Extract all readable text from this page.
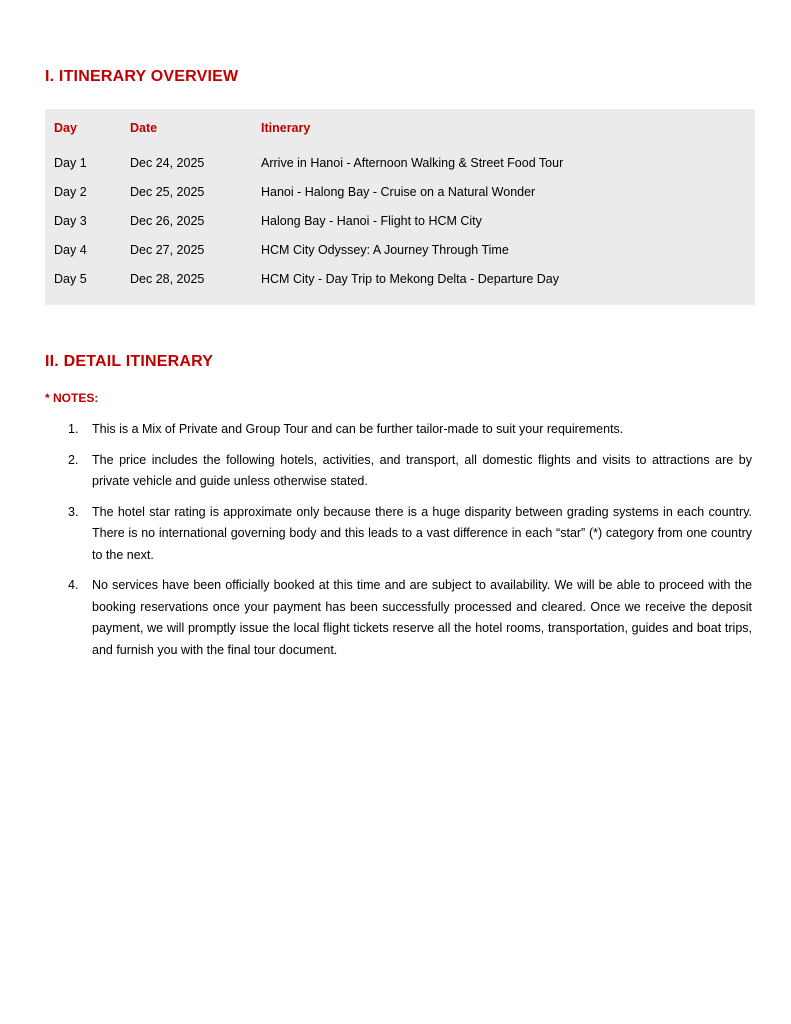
I. ITINERARY OVERVIEW
Day	Date	Itinerary
Day 1	Dec 24, 2025	Arrive in Hanoi - Afternoon Walking & Street Food Tour
Day 2	Dec 25, 2025	Hanoi - Halong Bay - Cruise on a Natural Wonder
Day 3	Dec 26, 2025	Halong Bay - Hanoi - Flight to HCM City
Day 4	Dec 27, 2025	HCM City Odyssey: A Journey Through Time
Day 5	Dec 28, 2025	HCM City - Day Trip to Mekong Delta - Departure Day
II. DETAIL ITINERARY
* NOTES:
1.	This is a Mix of Private and Group Tour and can be further tailor-made to suit your requirements.
2.	The price includes the following hotels, activities, and transport, all domestic flights and visits to attractions are by private vehicle and guide unless otherwise stated.
3.	The hotel star rating is approximate only because there is a huge disparity between grading systems in each country. There is no international governing body and this leads to a vast difference in each “star” (*) category from one country to the next.
4.	No services have been officially booked at this time and are subject to availability. We will be able to proceed with the booking reservations once your payment has been successfully processed and cleared. Once we receive the deposit payment, we will promptly issue the local flight tickets reserve all the hotel rooms, transportation, guides and boat trips, and furnish you with the final tour document.
